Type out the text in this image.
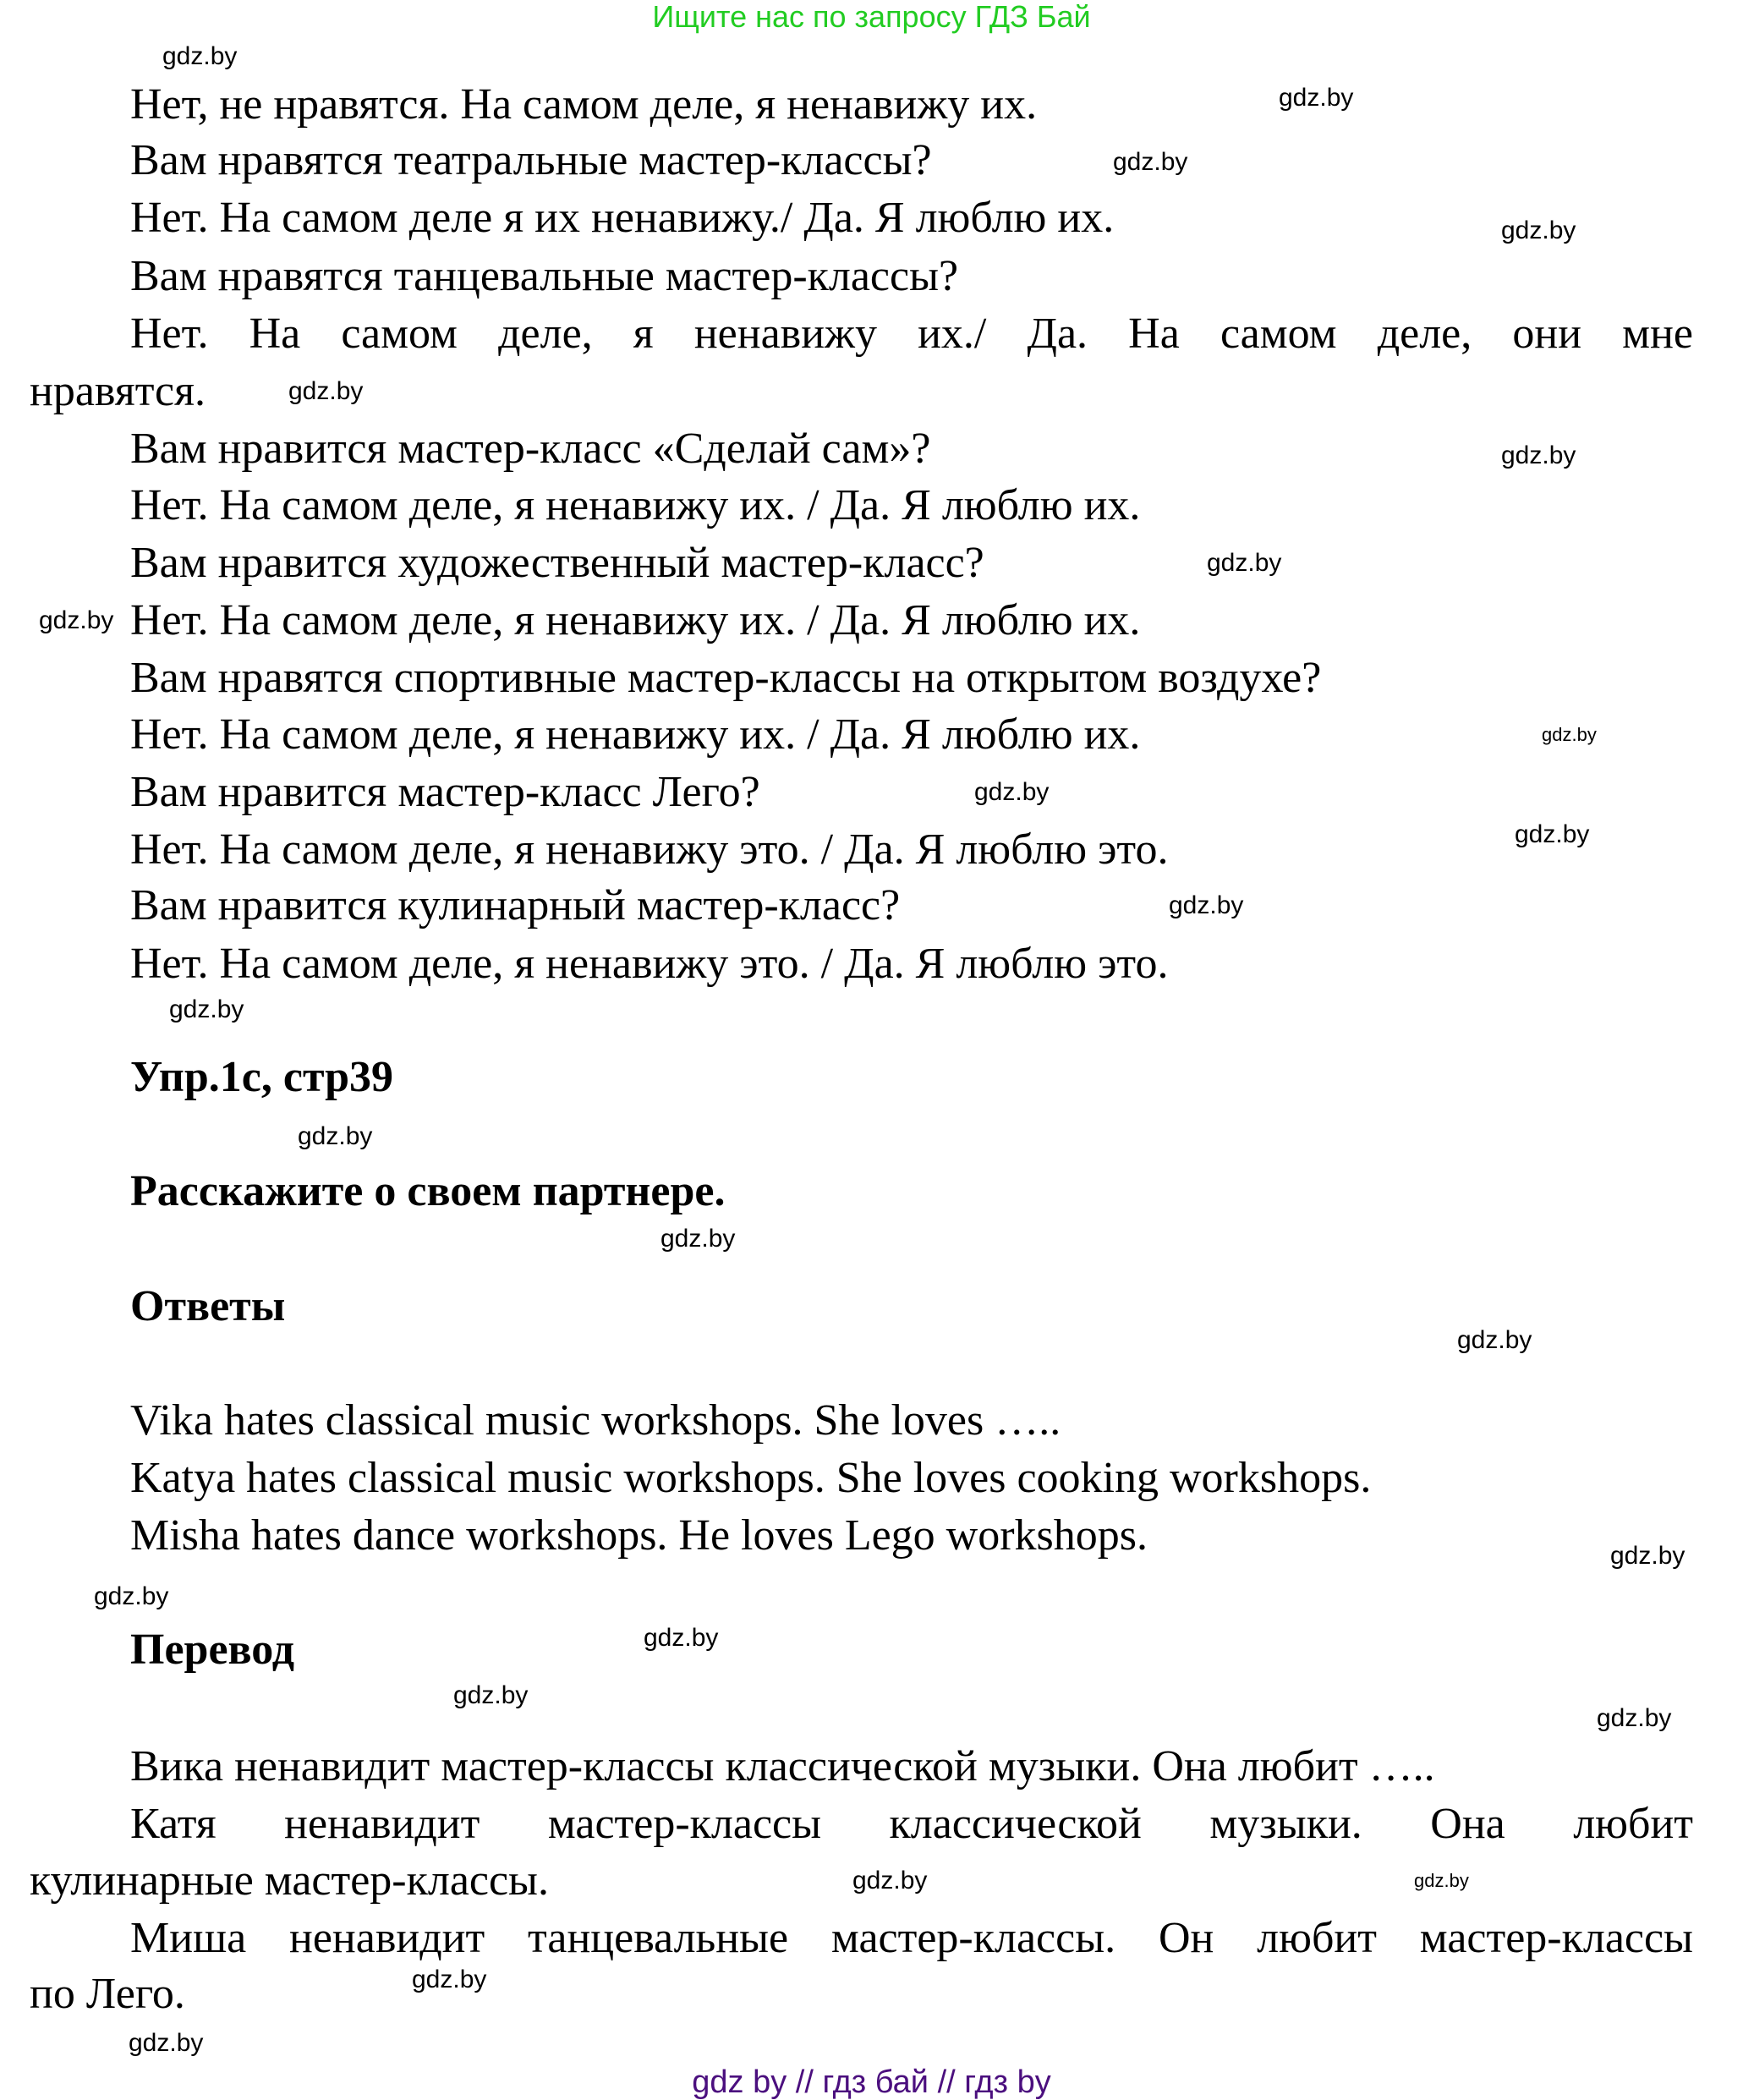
Ищите нас по запросу ГДЗ Бай
Нет, не нравятся. На самом деле, я ненавижу их.
Вам нравятся театральные мастер-классы?
Нет. На самом деле я их ненавижу./ Да. Я люблю их.
Вам нравятся танцевальные мастер-классы?
Нет. На самом деле, я ненавижу их./ Да. На самом деле, они мне
нравятся.
Вам нравится мастер-класс «Сделай сам»?
Нет. На самом деле, я ненавижу их. / Да. Я люблю их.
Вам нравится художественный мастер-класс?
Нет. На самом деле, я ненавижу их. / Да. Я люблю их.
Вам нравятся спортивные мастер-классы на открытом воздухе?
Нет. На самом деле, я ненавижу их. / Да. Я люблю их.
Вам нравится мастер-класс Лего?
Нет. На самом деле, я ненавижу это. / Да. Я люблю это.
Вам нравится кулинарный мастер-класс?
Нет. На самом деле, я ненавижу это. / Да. Я люблю это.
Упр.1с, стр39
Расскажите о своем партнере.
Ответы
Vika hates classical music workshops. She loves …..
Katya hates classical music workshops. She loves cooking workshops.
Misha hates dance workshops. He loves Lego workshops.
Перевод
Вика ненавидит мастер-классы классической музыки. Она любит …..
Катя ненавидит мастер-классы классической музыки. Она любит
кулинарные мастер-классы.
Миша ненавидит танцевальные мастер-классы. Он любит мастер-классы
по Лего.
gdz.by
gdz.by
gdz.by
gdz.by
gdz.by
gdz.by
gdz.by
gdz.by
gdz.by
gdz.by
gdz.by
gdz.by
gdz.by
gdz.by
gdz.by
gdz.by
gdz.by
gdz.by
gdz.by
gdz.by
gdz.by
gdz.by	gdz.by
gdz.by
gdz.by
gdz by // гдз бай // гдз by
